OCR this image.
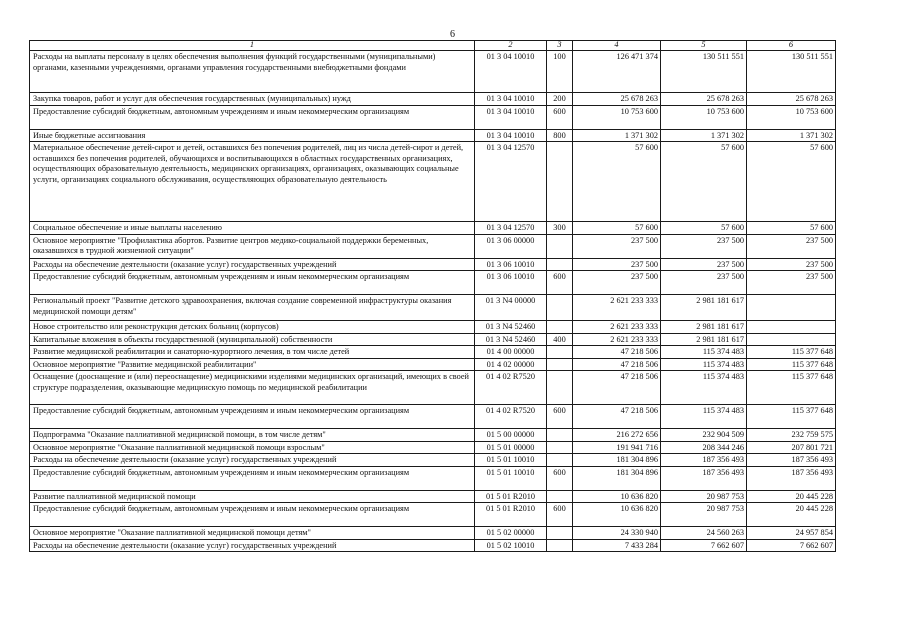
6
1	2	3	4	5	6
Расходы на выплаты персоналу в целях обеспечения выполнения функций государственными (муниципальными) органами, казенными учреждениями, органами управления государственными внебюджетными фондами	01 3 04 10010	100	126 471 374	130 511 551	130 511 551
Закупка товаров, работ и услуг для обеспечения государственных (муниципальных) нужд	01 3 04 10010	200	25 678 263	25 678 263	25 678 263
Предоставление субсидий бюджетным, автономным учреждениям и иным некоммерческим организациям	01 3 04 10010	600	10 753 600	10 753 600	10 753 600
Иные бюджетные ассигнования	01 3 04 10010	800	1 371 302	1 371 302	1 371 302
Материальное обеспечение детей-сирот и детей, оставшихся без попечения родителей, лиц из числа детей-сирот и детей, оставшихся без попечения родителей, обучающихся и воспитывающихся в областных государственных организациях, осуществляющих образовательную деятельность, медицинских организациях, организациях, оказывающих социальные услуги, организациях социального обслуживания, осуществляющих образовательную деятельность	01 3 04 12570		57 600	57 600	57 600
Социальное обеспечение и иные выплаты населению	01 3 04 12570	300	57 600	57 600	57 600
Основное мероприятие "Профилактика абортов. Развитие центров медико-социальной поддержки беременных, оказавшихся в трудной жизненной ситуации"	01 3 06 00000		237 500	237 500	237 500
Расходы на обеспечение деятельности (оказание услуг) государственных учреждений	01 3 06 10010		237 500	237 500	237 500
Предоставление субсидий бюджетным, автономным учреждениям и иным некоммерческим организациям	01 3 06 10010	600	237 500	237 500	237 500
Региональный проект "Развитие детского здравоохранения, включая создание современной инфраструктуры оказания медицинской помощи детям"	01 3 N4 00000		2 621 233 333	2 981 181 617	
Новое строительство или реконструкция детских больниц (корпусов)	01 3 N4 52460		2 621 233 333	2 981 181 617	
Капитальные вложения в объекты государственной (муниципальной) собственности	01 3 N4 52460	400	2 621 233 333	2 981 181 617	
Развитие медицинской реабилитации и санаторно-курортного лечения, в том числе детей	01 4 00 00000		47 218 506	115 374 483	115 377 648
Основное мероприятие "Развитие медицинской реабилитации"	01 4 02 00000		47 218 506	115 374 483	115 377 648
Оснащение (дооснащение и (или) переоснащение) медицинскими изделиями медицинских организаций, имеющих в своей структуре подразделения, оказывающие медицинскую помощь по медицинской реабилитации	01 4 02 R7520		47 218 506	115 374 483	115 377 648
Предоставление субсидий бюджетным, автономным учреждениям и иным некоммерческим организациям	01 4 02 R7520	600	47 218 506	115 374 483	115 377 648
Подпрограмма "Оказание паллиативной медицинской помощи, в том числе детям"	01 5 00 00000		216 272 656	232 904 509	232 759 575
Основное мероприятие "Оказание паллиативной медицинской помощи взрослым"	01 5 01 00000		191 941 716	208 344 246	207 801 721
Расходы на обеспечение деятельности (оказание услуг) государственных учреждений	01 5 01 10010		181 304 896	187 356 493	187 356 493
Предоставление субсидий бюджетным, автономным учреждениям и иным некоммерческим организациям	01 5 01 10010	600	181 304 896	187 356 493	187 356 493
Развитие паллиативной медицинской помощи	01 5 01 R2010		10 636 820	20 987 753	20 445 228
Предоставление субсидий бюджетным, автономным учреждениям и иным некоммерческим организациям	01 5 01 R2010	600	10 636 820	20 987 753	20 445 228
Основное мероприятие "Оказание паллиативной медицинской помощи детям"	01 5 02 00000		24 330 940	24 560 263	24 957 854
Расходы на обеспечение деятельности (оказание услуг) государственных учреждений	01 5 02 10010		7 433 284	7 662 607	7 662 607
